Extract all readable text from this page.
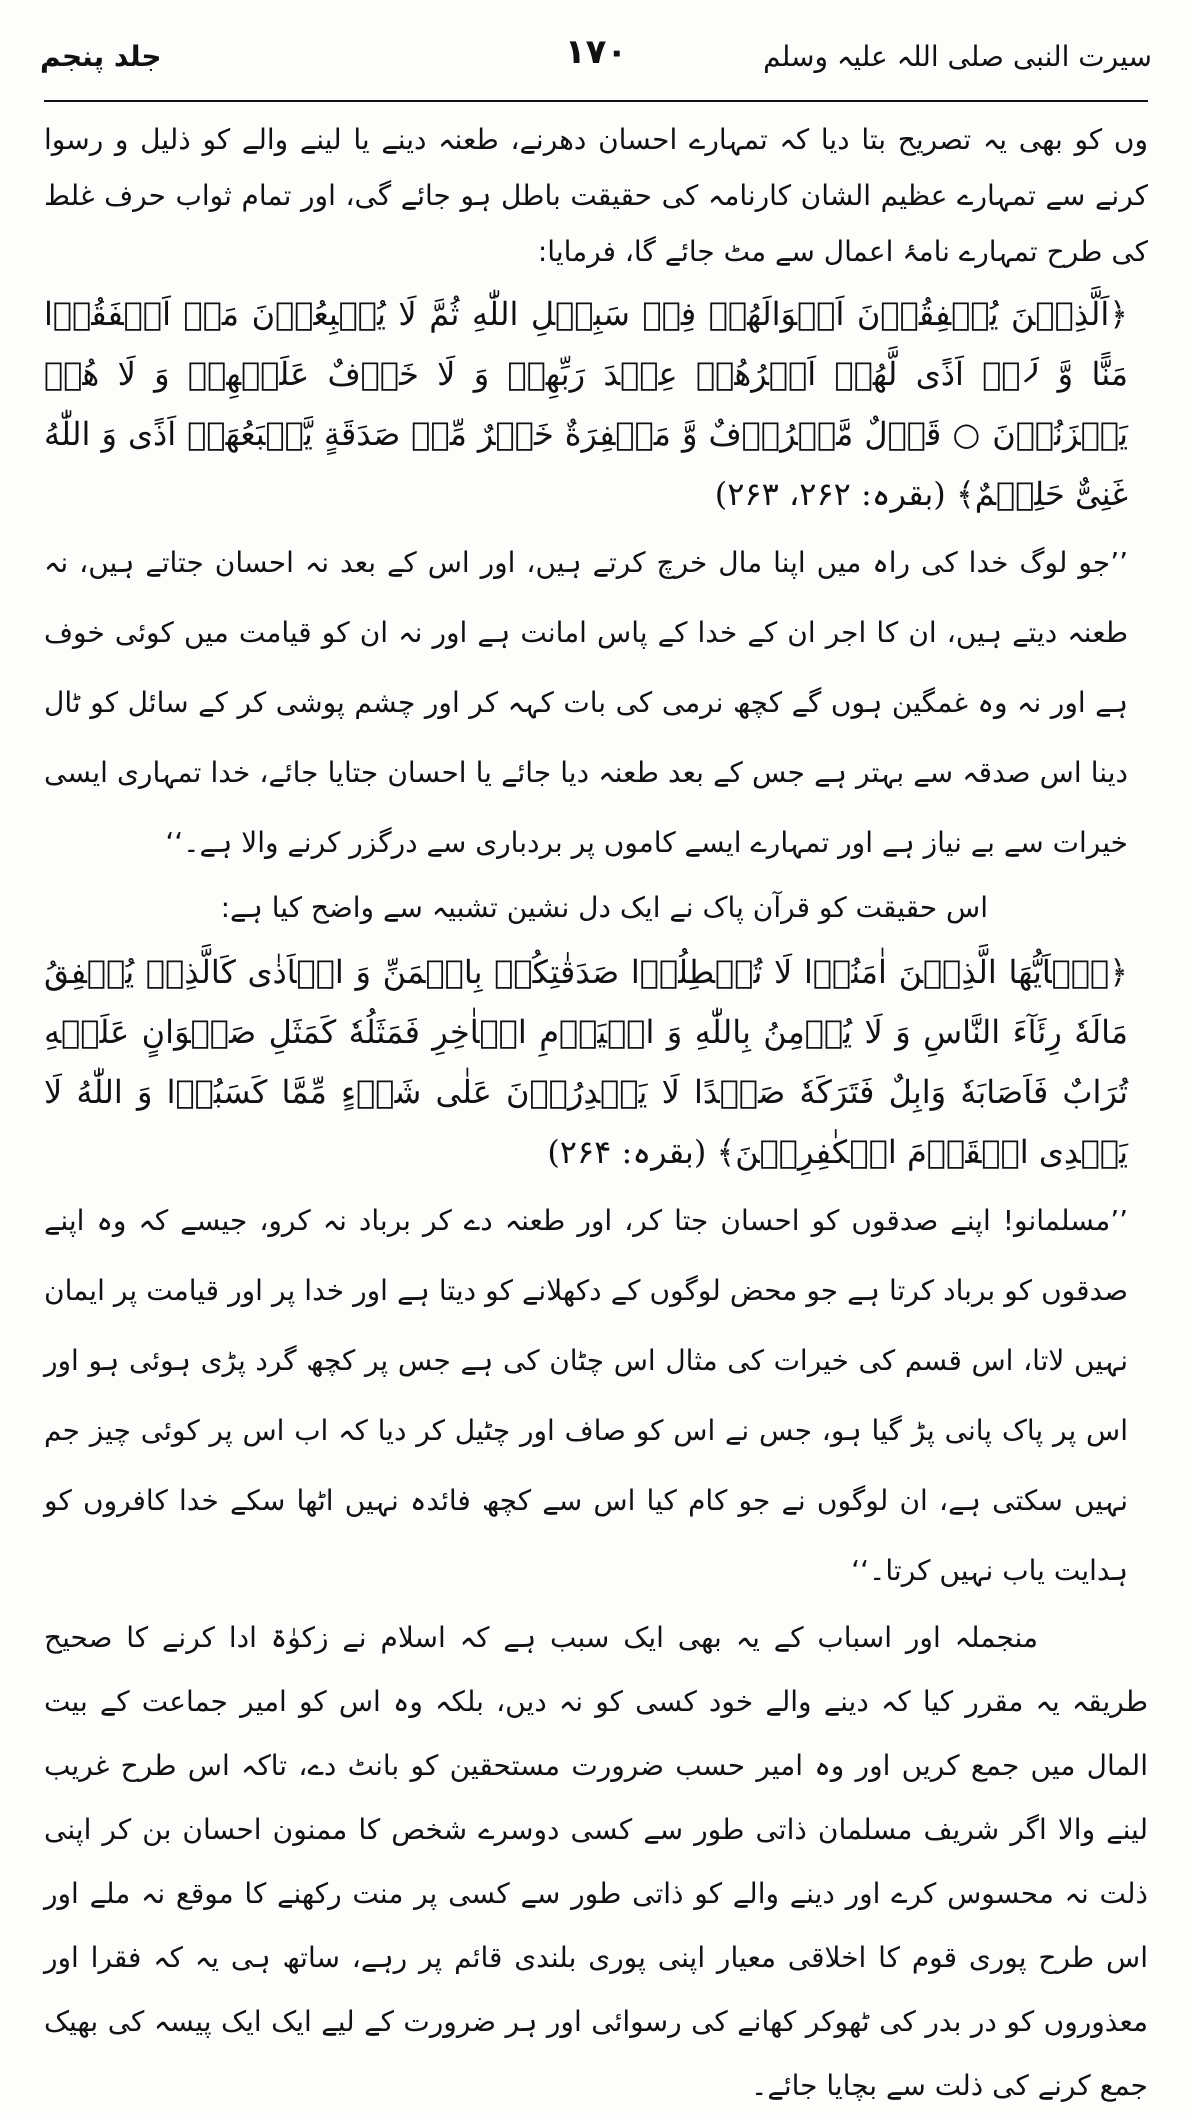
سیرت النبی صلی اللہ علیہ وسلم
۱۷۰
جلد پنجم

وں کو بھی یہ تصریح بتا دیا کہ تمہارے احسان دھرنے، طعنہ دینے یا لینے والے کو ذلیل و رسوا کرنے سے تمہارے عظیم الشان کارنامہ کی حقیقت باطل ہو جائے گی، اور تمام ثواب حرف غلط کی طرح تمہارے نامۂ اعمال سے مٹ جائے گا، فرمایا:

﴿اَلَّذِیۡنَ یُنۡفِقُوۡنَ اَمۡوَالَهُمۡ فِیۡ سَبِیۡلِ اللّٰهِ ثُمَّ لَا یُتۡبِعُوۡنَ مَاۤ اَنۡفَقُوۡا مَنًّا وَّ لَاۤ اَذًی لَّهُمۡ اَجۡرُهُمۡ عِنۡدَ رَبِّهِمۡ وَ لَا خَوۡفٌ عَلَیۡهِمۡ وَ لَا هُمۡ یَحۡزَنُوۡنَ ○ قَوۡلٌ مَّعۡرُوۡفٌ وَّ مَغۡفِرَةٌ خَیۡرٌ مِّنۡ صَدَقَةٍ یَّتۡبَعُهَاۤ اَذًی وَ اللّٰهُ غَنِیٌّ حَلِیۡمٌ﴾ (بقرہ: ۲۶۲، ۲۶۳)

’’جو لوگ خدا کی راہ میں اپنا مال خرچ کرتے ہیں، اور اس کے بعد نہ احسان جتاتے ہیں، نہ طعنہ دیتے ہیں، ان کا اجر ان کے خدا کے پاس امانت ہے اور نہ ان کو قیامت میں کوئی خوف ہے اور نہ وہ غمگین ہوں گے کچھ نرمی کی بات کہہ کر اور چشم پوشی کر کے سائل کو ٹال دینا اس صدقہ سے بہتر ہے جس کے بعد طعنہ دیا جائے یا احسان جتایا جائے، خدا تمہاری ایسی خیرات سے بے نیاز ہے اور تمہارے ایسے کاموں پر بردباری سے درگزر کرنے والا ہے۔‘‘

اس حقیقت کو قرآن پاک نے ایک دل نشین تشبیہ سے واضح کیا ہے:

﴿یٰۤاَیُّهَا الَّذِیۡنَ اٰمَنُوۡا لَا تُبۡطِلُوۡا صَدَقٰتِكُمۡ بِالۡمَنِّ وَ الۡاَذٰی كَالَّذِیۡ یُنۡفِقُ مَالَهٗ رِئَآءَ النَّاسِ وَ لَا یُؤۡمِنُ بِاللّٰهِ وَ الۡیَوۡمِ الۡاٰخِرِ فَمَثَلُهٗ كَمَثَلِ صَفۡوَانٍ عَلَیۡهِ تُرَابٌ فَاَصَابَهٗ وَابِلٌ فَتَرَكَهٗ صَلۡدًا لَا یَقۡدِرُوۡنَ عَلٰی شَیۡءٍ مِّمَّا كَسَبُوۡا وَ اللّٰهُ لَا یَهۡدِی الۡقَوۡمَ الۡكٰفِرِیۡنَ﴾ (بقرہ: ۲۶۴)

’’مسلمانو! اپنے صدقوں کو احسان جتا کر، اور طعنہ دے کر برباد نہ کرو، جیسے کہ وہ اپنے صدقوں کو برباد کرتا ہے جو محض لوگوں کے دکھلانے کو دیتا ہے اور خدا پر اور قیامت پر ایمان نہیں لاتا، اس قسم کی خیرات کی مثال اس چٹان کی ہے جس پر کچھ گرد پڑی ہوئی ہو اور اس پر پاک پانی پڑ گیا ہو، جس نے اس کو صاف اور چٹیل کر دیا کہ اب اس پر کوئی چیز جم نہیں سکتی ہے، ان لوگوں نے جو کام کیا اس سے کچھ فائدہ نہیں اٹھا سکے خدا کافروں کو ہدایت یاب نہیں کرتا۔‘‘

منجملہ اور اسباب کے یہ بھی ایک سبب ہے کہ اسلام نے زکوٰۃ ادا کرنے کا صحیح طریقہ یہ مقرر کیا کہ دینے والے خود کسی کو نہ دیں، بلکہ وہ اس کو امیر جماعت کے بیت المال میں جمع کریں اور وہ امیر حسب ضرورت مستحقین کو بانٹ دے، تاکہ اس طرح غریب لینے والا اگر شریف مسلمان ذاتی طور سے کسی دوسرے شخص کا ممنون احسان بن کر اپنی ذلت نہ محسوس کرے اور دینے والے کو ذاتی طور سے کسی پر منت رکھنے کا موقع نہ ملے اور اس طرح پوری قوم کا اخلاقی معیار اپنی پوری بلندی قائم پر رہے، ساتھ ہی یہ کہ فقرا اور معذوروں کو در بدر کی ٹھوکر کھانے کی رسوائی اور ہر ضرورت کے لیے ایک ایک پیسہ کی بھیک جمع کرنے کی ذلت سے بچایا جائے۔
